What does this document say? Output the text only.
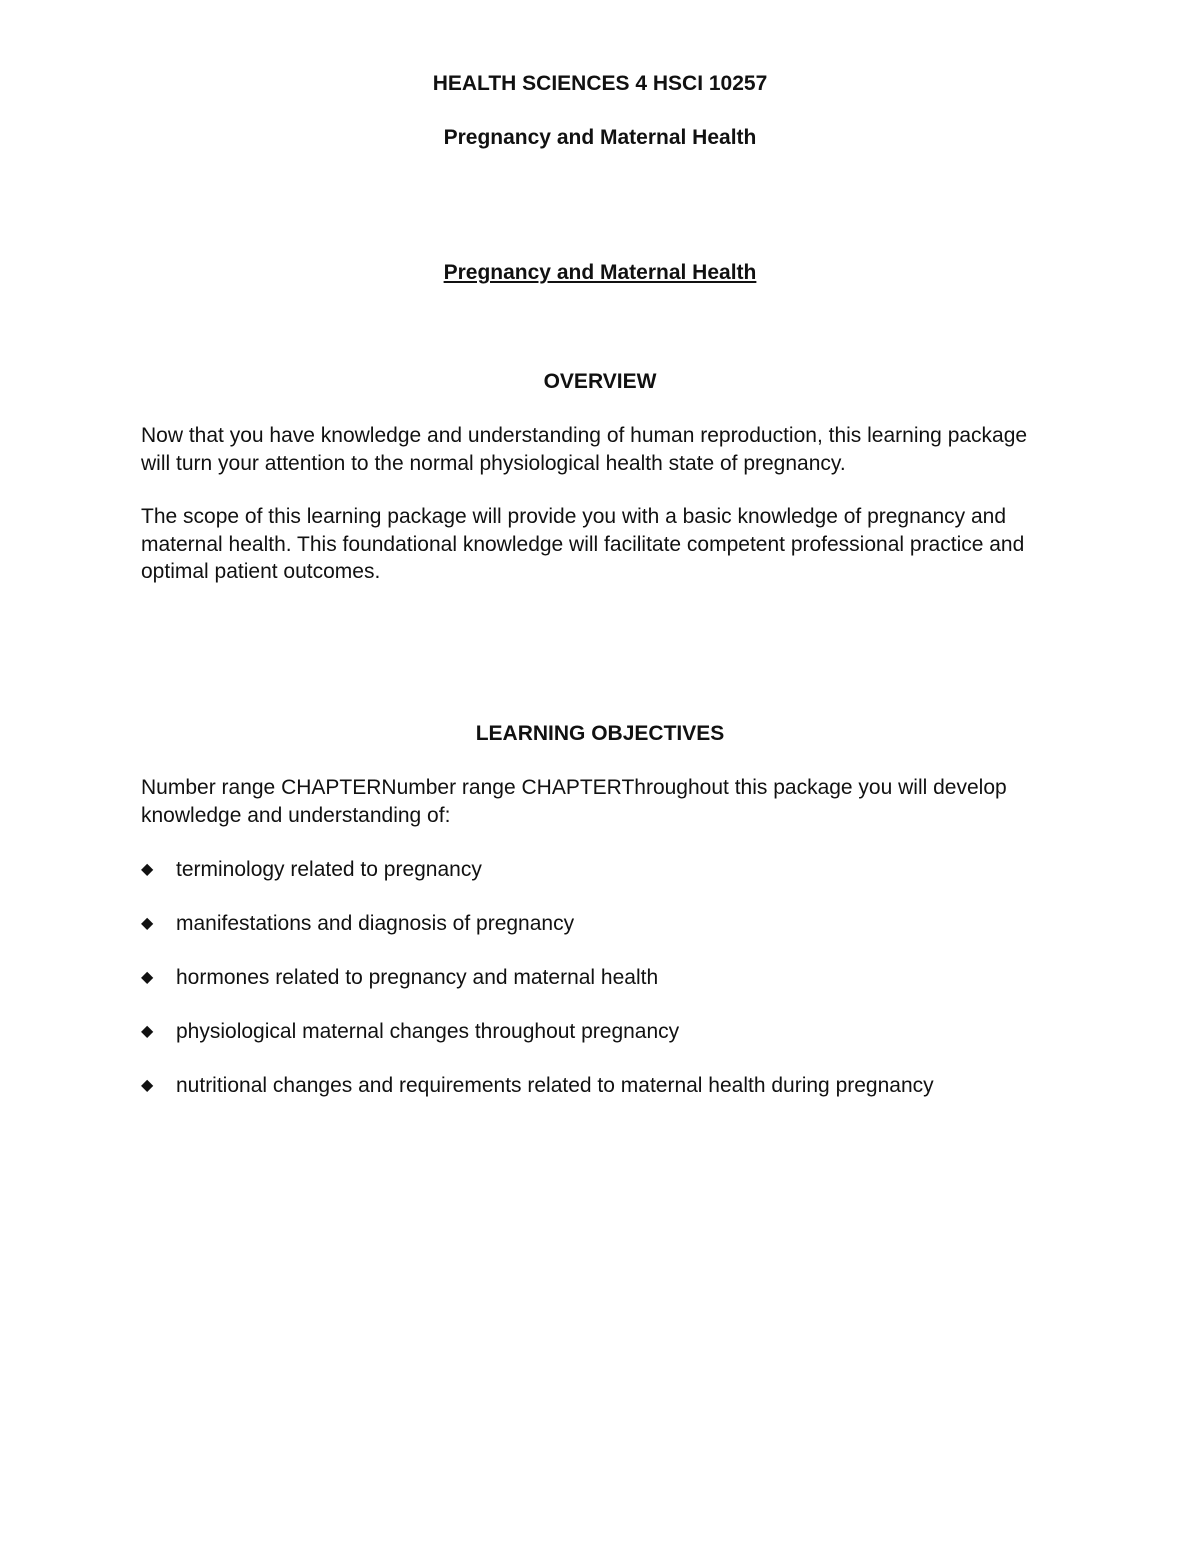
HEALTH SCIENCES 4 HSCI 10257
Pregnancy and Maternal Health
Pregnancy and Maternal Health
OVERVIEW
Now that you have knowledge and understanding of human reproduction, this learning package will turn your attention to the normal physiological health state of pregnancy.
The scope of this learning package will provide you with a basic knowledge of pregnancy and maternal health. This foundational knowledge will facilitate competent professional practice and optimal patient outcomes.
LEARNING OBJECTIVES
Number range CHAPTERNumber range CHAPTERThroughout this package you will develop knowledge and understanding of:
◆	terminology related to pregnancy
◆	manifestations and diagnosis of pregnancy
◆	hormones related to pregnancy and maternal health
◆	physiological maternal changes throughout pregnancy
◆	nutritional changes and requirements related to maternal health during pregnancy
